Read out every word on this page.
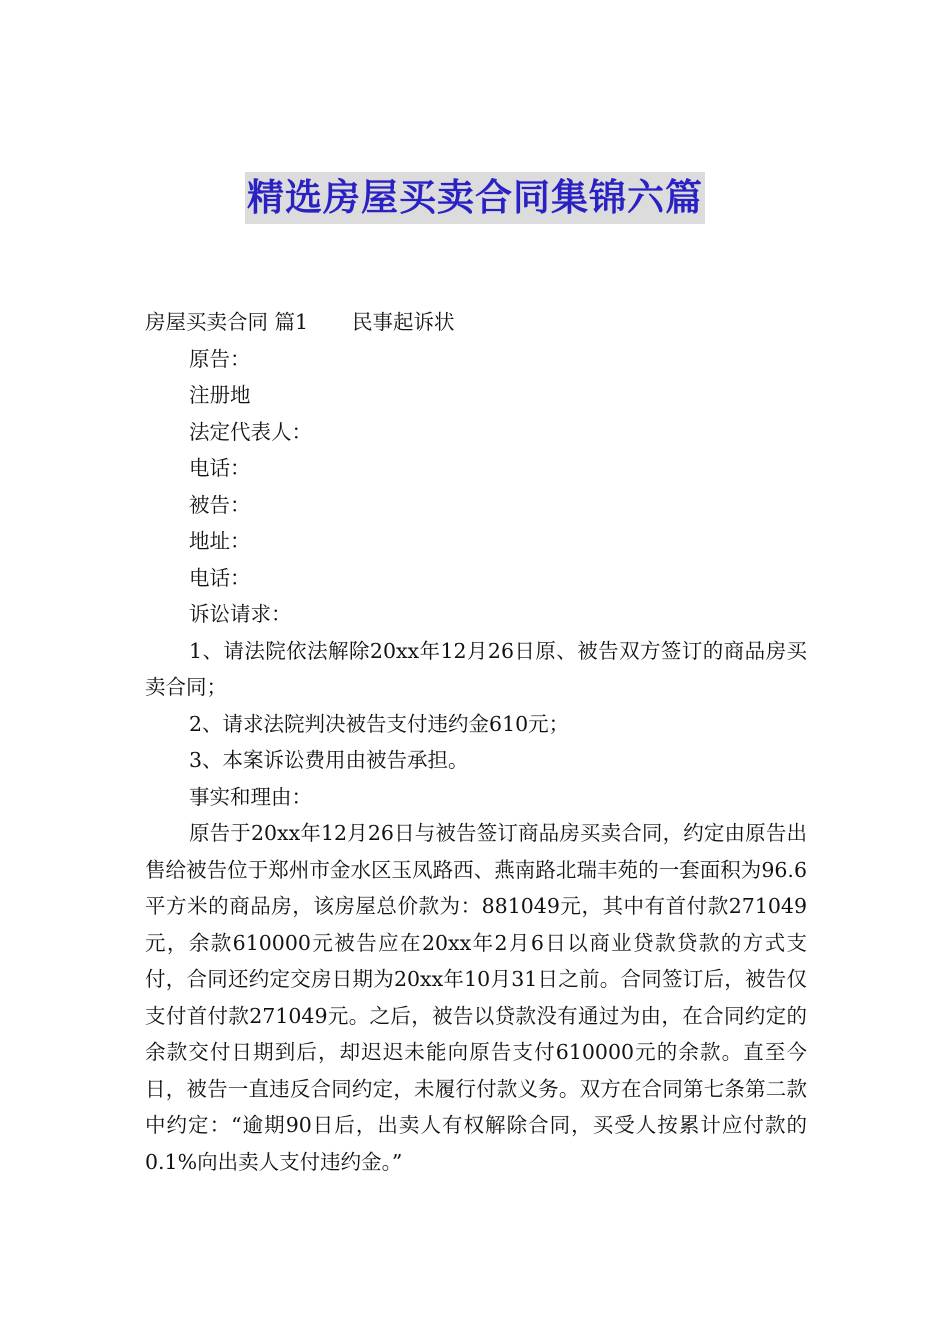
精选房屋买卖合同集锦六篇

房屋买卖合同 篇1 民事起诉状

原告：

注册地

法定代表人：

电话：

被告：

地址：

电话：

诉讼请求：

1、请法院依法解除20xx年12月26日原、被告双方签订的商品房买卖合同；

2、请求法院判决被告支付违约金610元；

3、本案诉讼费用由被告承担。

事实和理由：

原告于20xx年12月26日与被告签订商品房买卖合同，约定由原告出售给被告位于郑州市金水区玉凤路西、燕南路北瑞丰苑的一套面积为96.6平方米的商品房，该房屋总价款为：881049元，其中有首付款271049元，余款610000元被告应在20xx年2月6日以商业贷款贷款的方式支付，合同还约定交房日期为20xx年10月31日之前。合同签订后，被告仅支付首付款271049元。之后，被告以贷款没有通过为由，在合同约定的余款交付日期到后，却迟迟未能向原告支付610000元的余款。直至今日，被告一直违反合同约定，未履行付款义务。双方在合同第七条第二款中约定：“逾期90日后，出卖人有权解除合同，买受人按累计应付款的0.1%向出卖人支付违约金。”
